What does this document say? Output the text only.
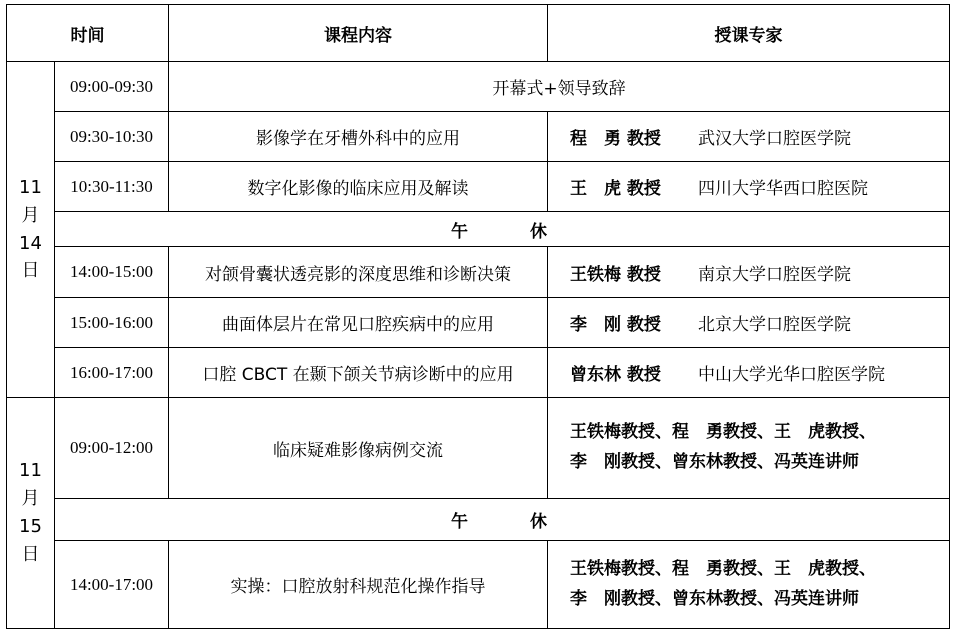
时间		课程内容	授课专家

11
月
14
日	09:00-09:30	开幕式+领导致辞	
	09:30-10:30	影像学在牙槽外科中的应用	程　勇 教授 武汉大学口腔医学院
	10:30-11:30	数字化影像的临床应用及解读	王　虎 教授 四川大学华西口腔医院
	午 休		
	14:00-15:00	对颌骨囊状透亮影的深度思维和诊断决策	王铁梅 教授 南京大学口腔医学院
	15:00-16:00	曲面体层片在常见口腔疾病中的应用	李　刚 教授 北京大学口腔医学院
	16:00-17:00	口腔 CBCT 在颞下颌关节病诊断中的应用	曾东林 教授 中山大学光华口腔医学院

11
月
15
日	09:00-12:00	临床疑难影像病例交流	王铁梅教授、程　勇教授、王　虎教授、
李　刚教授、曾东林教授、冯英连讲师

	午 休		
	14:00-17:00	实操：口腔放射科规范化操作指导	王铁梅教授、程　勇教授、王　虎教授、
李　刚教授、曾东林教授、冯英连讲师
